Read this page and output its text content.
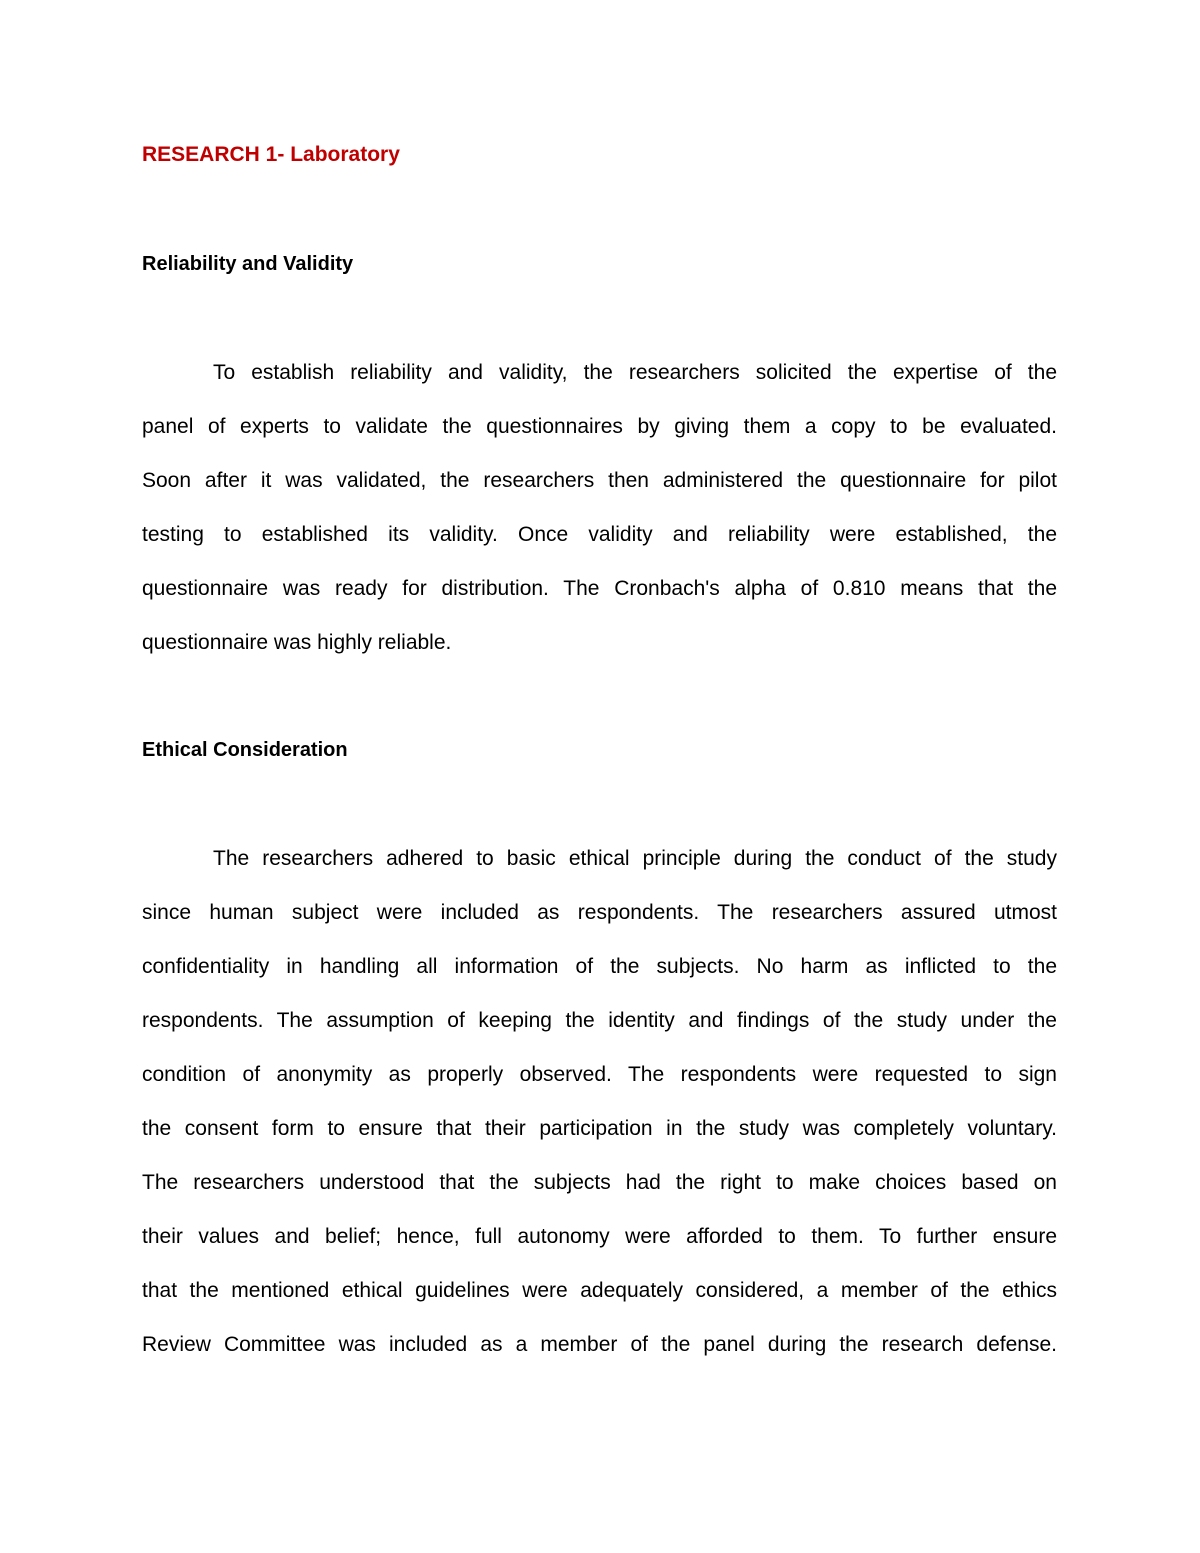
RESEARCH 1- Laboratory
Reliability and Validity
To establish reliability and validity, the researchers solicited the expertise of the
panel of experts to validate the questionnaires by giving them a copy to be evaluated.
Soon after it was validated, the researchers then administered the questionnaire for pilot
testing to established its validity. Once validity and reliability were established, the
questionnaire was ready for distribution. The Cronbach's alpha of 0.810 means that the
questionnaire was highly reliable.
Ethical Consideration
The researchers adhered to basic ethical principle during the conduct of the study
since human subject were included as respondents. The researchers assured utmost
confidentiality in handling all information of the subjects. No harm as inflicted to the
respondents. The assumption of keeping the identity and findings of the study under the
condition of anonymity as properly observed. The respondents were requested to sign
the consent form to ensure that their participation in the study was completely voluntary.
The researchers understood that the subjects had the right to make choices based on
their values and belief; hence, full autonomy were afforded to them. To further ensure
that the mentioned ethical guidelines were adequately considered, a member of the ethics
Review Committee was included as a member of the panel during the research defense.
